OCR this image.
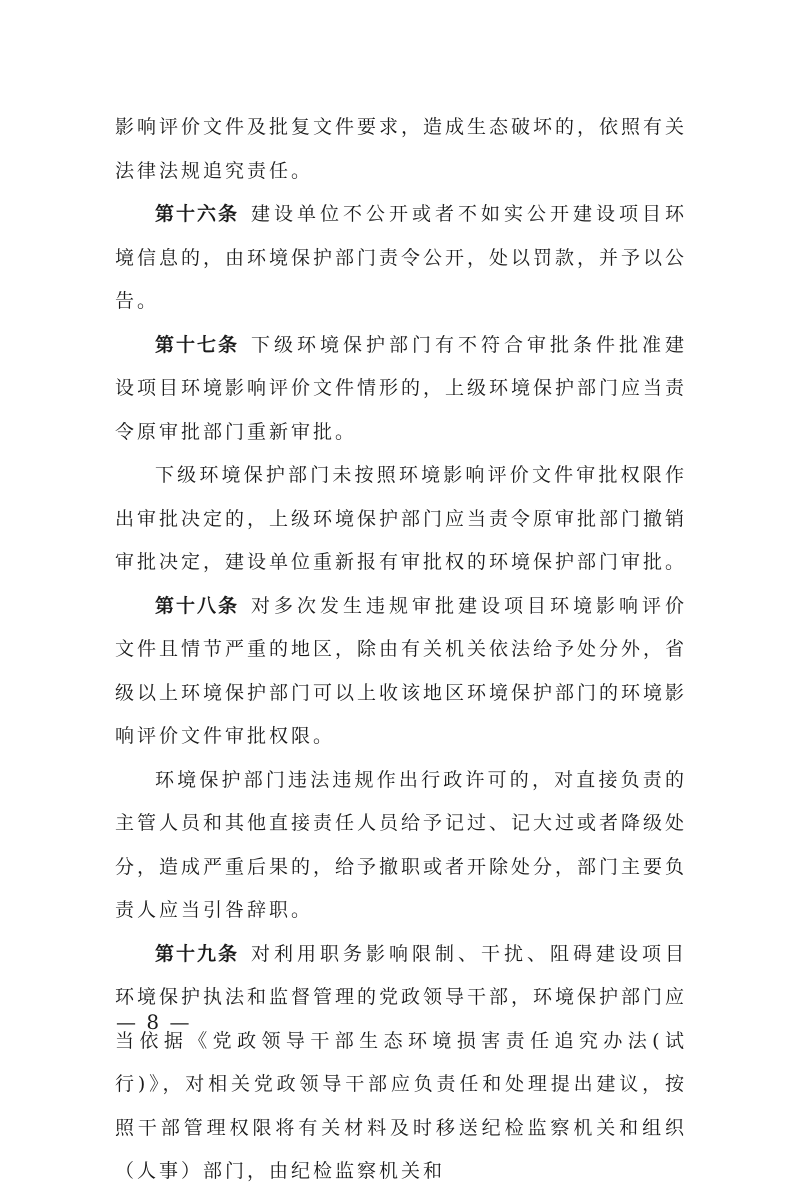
影响评价文件及批复文件要求，造成生态破坏的，依照有关法律法规追究责任。

第十六条 建设单位不公开或者不如实公开建设项目环境信息的，由环境保护部门责令公开，处以罚款，并予以公告。

第十七条 下级环境保护部门有不符合审批条件批准建设项目环境影响评价文件情形的，上级环境保护部门应当责令原审批部门重新审批。

下级环境保护部门未按照环境影响评价文件审批权限作出审批决定的，上级环境保护部门应当责令原审批部门撤销审批决定，建设单位重新报有审批权的环境保护部门审批。

第十八条 对多次发生违规审批建设项目环境影响评价文件且情节严重的地区，除由有关机关依法给予处分外，省级以上环境保护部门可以上收该地区环境保护部门的环境影响评价文件审批权限。

环境保护部门违法违规作出行政许可的，对直接负责的主管人员和其他直接责任人员给予记过、记大过或者降级处分，造成严重后果的，给予撤职或者开除处分，部门主要负责人应当引咎辞职。

第十九条 对利用职务影响限制、干扰、阻碍建设项目环境保护执法和监督管理的党政领导干部，环境保护部门应当依据《党政领导干部生态环境损害责任追究办法(试行)》，对相关党政领导干部应负责任和处理提出建议，按照干部管理权限将有关材料及时移送纪检监察机关和组织（人事）部门，由纪检监察机关和

— 8 —
